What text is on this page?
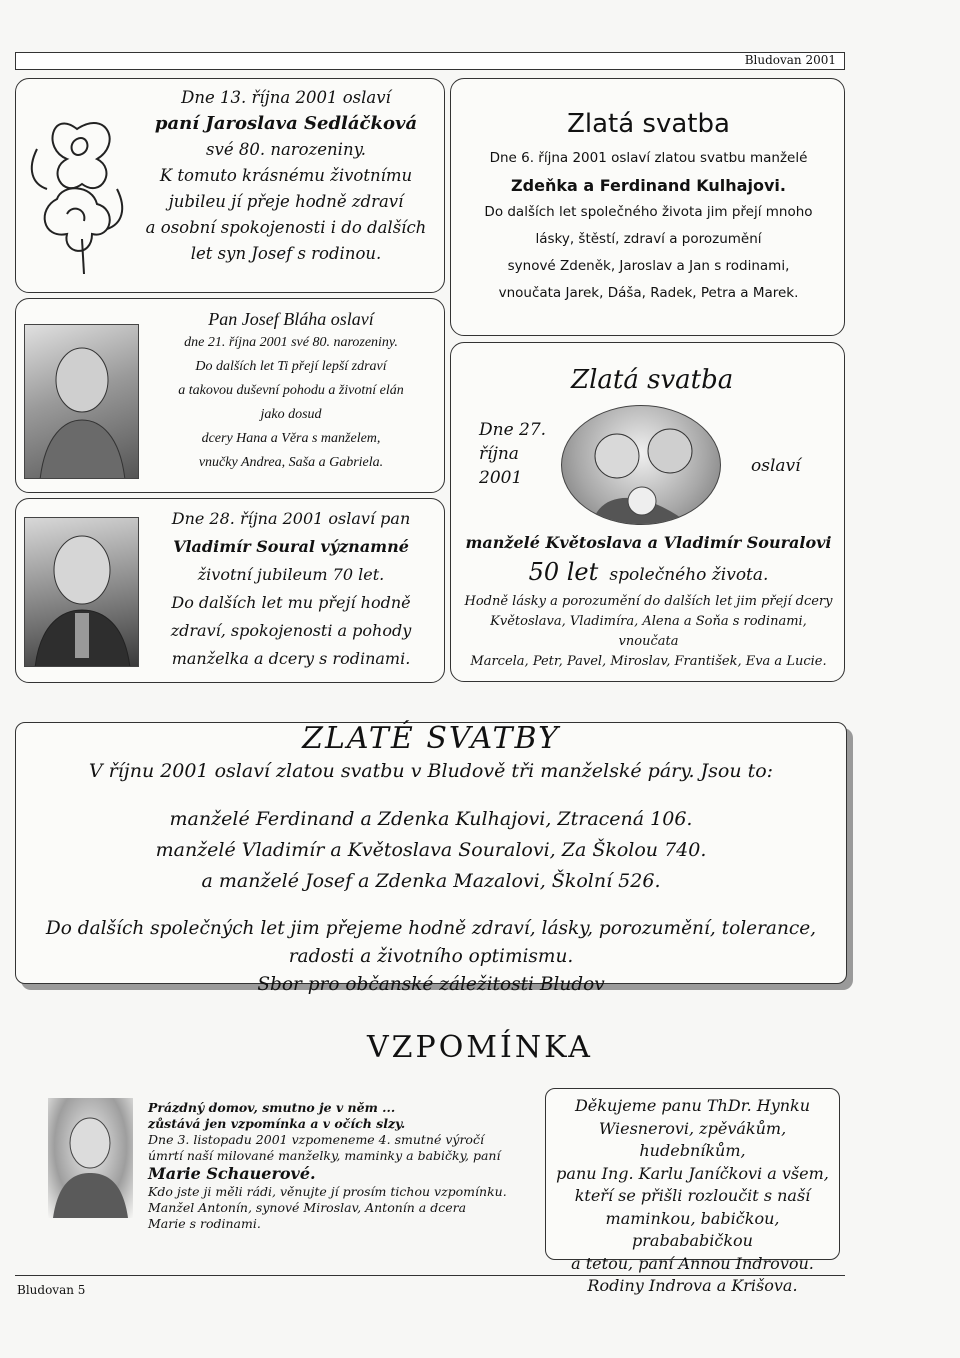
Bludovan 2001

Dne 13. října 2001 oslaví

paní Jaroslava Sedláčková

své 80. narozeniny.

K tomuto krásnému životnímu

jubileu jí přeje hodně zdraví

a osobní spokojenosti i do dalších

let syn Josef s rodinou.

Pan Josef Bláha oslaví

dne 21. října 2001 své 80. narozeniny.

Do dalších let Ti přejí lepší zdraví

a takovou duševní pohodu a životní elán

jako dosud

dcery Hana a Věra s manželem,

vnučky Andrea, Saša a Gabriela.

Dne 28. října 2001 oslaví pan

Vladimír Soural významné

životní jubileum 70 let.

Do dalších let mu přejí hodně

zdraví, spokojenosti a pohody

manželka a dcery s rodinami.

Zlatá svatba

Dne 6. října 2001 oslaví zlatou svatbu manželé

Zdeňka a Ferdinand Kulhajovi.

Do dalších let společného života jim přejí mnoho

lásky, štěstí, zdraví a porozumění

synové Zdeněk, Jaroslav a Jan s rodinami,

vnoučata Jarek, Dáša, Radek, Petra a Marek.

Zlatá svatba

Dne 27. října
2001

oslaví

manželé Květoslava a Vladimír Souralovi

50 let společného života.

Hodně lásky a porozumění do dalších let jim přejí dcery

Květoslava, Vladimíra, Alena a Soňa s rodinami,

vnoučata

Marcela, Petr, Pavel, Miroslav, František, Eva a Lucie.

ZLATÉ SVATBY

V říjnu 2001 oslaví zlatou svatbu v Bludově tři manželské páry. Jsou to:

manželé Ferdinand a Zdenka Kulhajovi, Ztracená 106.

manželé Vladimír a Květoslava Souralovi, Za Školou 740.

a manželé Josef a Zdenka Mazalovi, Školní 526.

Do dalších společných let jim přejeme hodně zdraví, lásky, porozumění, tolerance,

radosti a životního optimismu.

Sbor pro občanské záležitosti Bludov

VZPOMÍNKA

Prázdný domov, smutno je v něm ...

zůstává jen vzpomínka a v očích slzy.

Dne 3. listopadu 2001 vzpomeneme 4. smutné výročí

úmrtí naší milované manželky, maminky a babičky, paní

Marie Schauerové.

Kdo jste ji měli rádi, věnujte jí prosím tichou vzpomínku.

Manžel Antonín, synové Miroslav, Antonín a dcera

Marie s rodinami.

Děkujeme panu ThDr. Hynku

Wiesnerovi, zpěvákům, hudebníkům,

panu Ing. Karlu Janíčkovi a všem,

kteří se přišli rozloučit s naší

maminkou, babičkou, prabababičkou

a tetou, paní Annou Indrovou.

Rodiny Indrova a Krišova.

Bludovan 5
